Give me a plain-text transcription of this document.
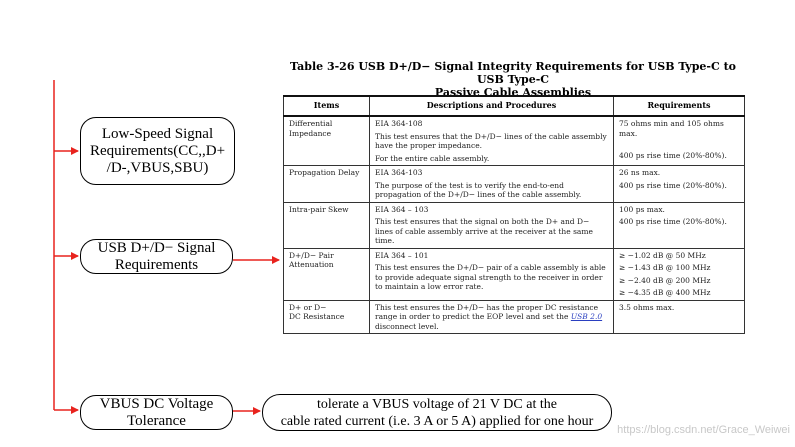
Low-Speed Signal
Requirements(CC,,D+
/D-,VBUS,SBU)
USB D+/D− Signal
Requirements
VBUS DC Voltage
Tolerance
tolerate a VBUS voltage of 21 V DC at the
cable rated current (i.e. 3 A or 5 A) applied for one hour
Table 3-26 USB D+/D− Signal Integrity Requirements for USB Type-C to USB Type-C
Passive Cable Assemblies
Items	Descriptions and Procedures	Requirements
Differential
Impedance	EIA 364-108
This test ensures that the D+/D− lines of the cable assembly have the proper impedance.
For the entire cable assembly.	75 ohms min and 105 ohms max.
400 ps rise time (20%-80%).

Propagation Delay	EIA 364-103
The purpose of the test is to verify the end-to-end propagation of the D+/D− lines of the cable assembly.	26 ns max.
400 ps rise time (20%-80%).

Intra-pair Skew	EIA 364 – 103
This test ensures that the signal on both the D+ and D− lines of cable assembly arrive at the receiver at the same time.	100 ps max.
400 ps rise time (20%-80%).

D+/D− Pair
Attenuation	EIA 364 – 101
This test ensures the D+/D− pair of a cable assembly is able to provide adequate signal strength to the receiver in order to maintain a low error rate.	≥ −1.02 dB @ 50 MHz
≥ −1.43 dB @ 100 MHz
≥ −2.40 dB @ 200 MHz
≥ −4.35 dB @ 400 MHz

D+ or D−
DC Resistance	This test ensures the D+/D− has the proper DC resistance range in order to predict the EOP level and set the USB 2.0 disconnect level.	3.5 ohms max.
https://blog.csdn.net/Grace_Weiwei
